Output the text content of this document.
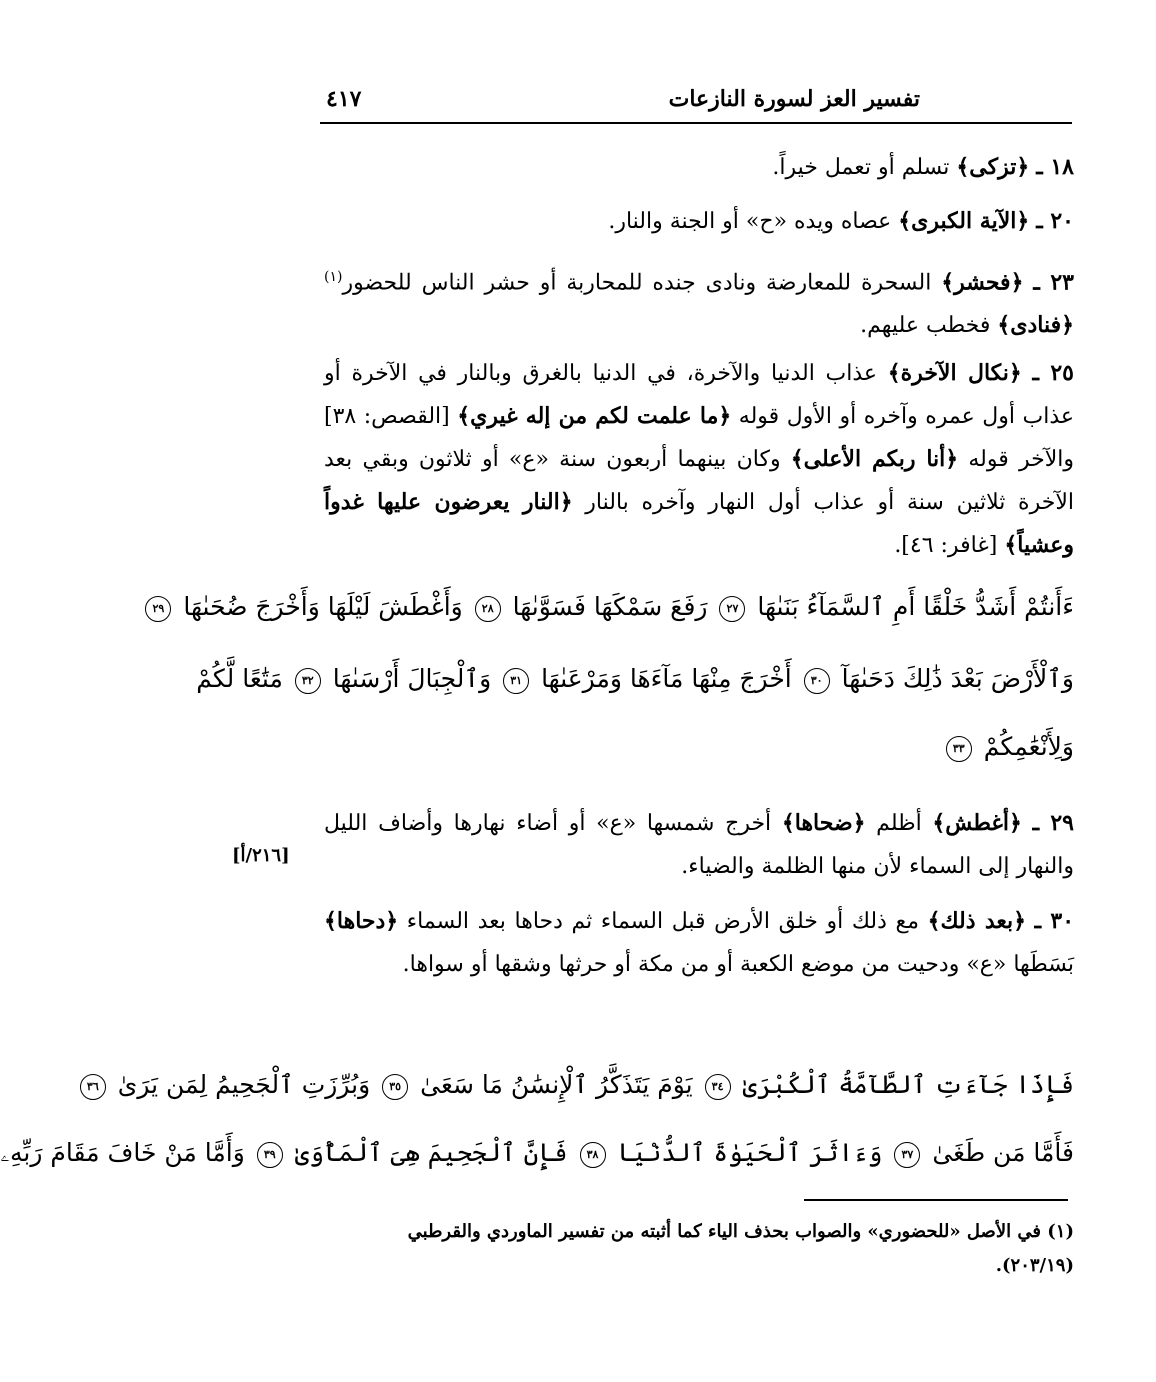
تفسير العز لسورة النازعات
٤١٧

١٨ ـ ﴿تزكى﴾ تسلم أو تعمل خيراً.

٢٠ ـ ﴿الآية الكبرى﴾ عصاه ويده «ح» أو الجنة والنار.

٢٣ ـ ﴿فحشر﴾ السحرة للمعارضة ونادى جنده للمحاربة أو حشر الناس للحضور$^{(١)}$ ﴿فنادى﴾ فخطب عليهم.

٢٥ ـ ﴿نكال الآخرة﴾ عذاب الدنيا والآخرة، في الدنيا بالغرق وبالنار في الآخرة أو عذاب أول عمره وآخره أو الأول قوله ﴿ما علمت لكم من إله غيري﴾ [القصص: ٣٨] والآخر قوله ﴿أنا ربكم الأعلى﴾ وكان بينهما أربعون سنة «ع» أو ثلاثون وبقي بعد الآخرة ثلاثين سنة أو عذاب أول النهار وآخره بالنار ﴿النار يعرضون عليها غدواً وعشياً﴾ [غافر: ٤٦].

ءَأَنتُمْ أَشَدُّ خَلْقًا أَمِ ٱلسَّمَآءُ بَنَىٰهَا ٢٧ رَفَعَ سَمْكَهَا فَسَوَّىٰهَا ٢٨ وَأَغْطَشَ لَيْلَهَا وَأَخْرَجَ ضُحَىٰهَا ٢٩

وَٱلْأَرْضَ بَعْدَ ذَٰلِكَ دَحَىٰهَآ ٣٠ أَخْرَجَ مِنْهَا مَآءَهَا وَمَرْعَىٰهَا ٣١ وَٱلْجِبَالَ أَرْسَىٰهَا ٣٢ مَتَٰعًا لَّكُمْ

وَلِأَنْعَٰمِكُمْ ٣٣

٢٩ ـ ﴿أغطش﴾ أظلم ﴿ضحاها﴾ أخرج شمسها «ع» أو أضاء نهارها وأضاف الليل والنهار إلى السماء لأن منها الظلمة والضياء.

[٢١٦/أ]

٣٠ ـ ﴿بعد ذلك﴾ مع ذلك أو خلق الأرض قبل السماء ثم دحاها بعد السماء ﴿دحاها﴾ بَسَطَها «ع» ودحيت من موضع الكعبة أو من مكة أو حرثها وشقها أو سواها.

فَإِذَا جَآءَتِ ٱلطَّآمَّةُ ٱلْكُبْرَىٰ ٣٤ يَوْمَ يَتَذَكَّرُ ٱلْإِنسَٰنُ مَا سَعَىٰ ٣٥ وَبُرِّزَتِ ٱلْجَحِيمُ لِمَن يَرَىٰ ٣٦

فَأَمَّا مَن طَغَىٰ ٣٧ وَءَاثَرَ ٱلْحَيَوٰةَ ٱلدُّنْيَا ٣٨ فَإِنَّ ٱلْجَحِيمَ هِىَ ٱلْمَأْوَىٰ ٣٩ وَأَمَّا مَنْ خَافَ مَقَامَ رَبِّهِۦ

(١) في الأصل «للحضوري» والصواب بحذف الياء كما أثبته من تفسير الماوردي والقرطبي (٢٠٣/١٩).
